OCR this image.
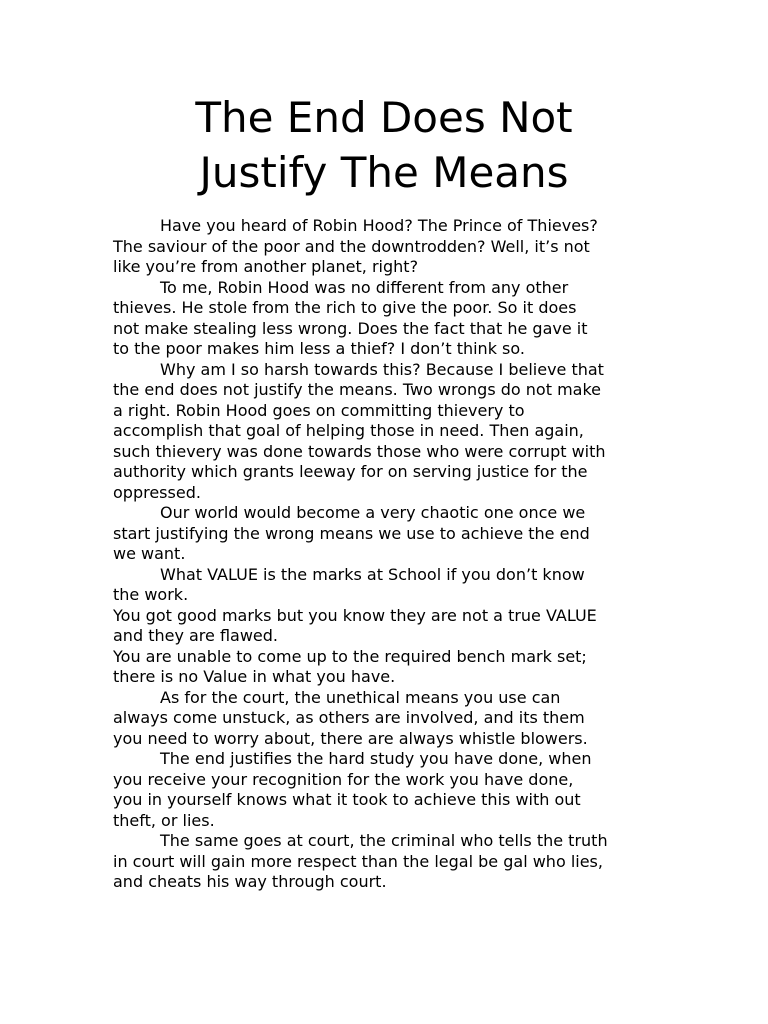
The End Does Not
Justify The Means
Have you heard of Robin Hood? The Prince of Thieves?
The saviour of the poor and the downtrodden? Well, it’s not
like you’re from another planet, right?
To me, Robin Hood was no different from any other
thieves. He stole from the rich to give the poor. So it does
not make stealing less wrong. Does the fact that he gave it
to the poor makes him less a thief? I don’t think so.
Why am I so harsh towards this? Because I believe that
the end does not justify the means. Two wrongs do not make
a right. Robin Hood goes on committing thievery to
accomplish that goal of helping those in need. Then again,
such thievery was done towards those who were corrupt with
authority which grants leeway for on serving justice for the
oppressed.
Our world would become a very chaotic one once we
start justifying the wrong means we use to achieve the end
we want.
What VALUE is the marks at School if you don’t know
the work.
You got good marks but you know they are not a true VALUE
and they are flawed.
You are unable to come up to the required bench mark set;
there is no Value in what you have.
As for the court, the unethical means you use can
always come unstuck, as others are involved, and its them
you need to worry about, there are always whistle blowers.
The end justifies the hard study you have done, when
you receive your recognition for the work you have done,
you in yourself knows what it took to achieve this with out
theft, or lies.
The same goes at court, the criminal who tells the truth
in court will gain more respect than the legal be gal who lies,
and cheats his way through court.
